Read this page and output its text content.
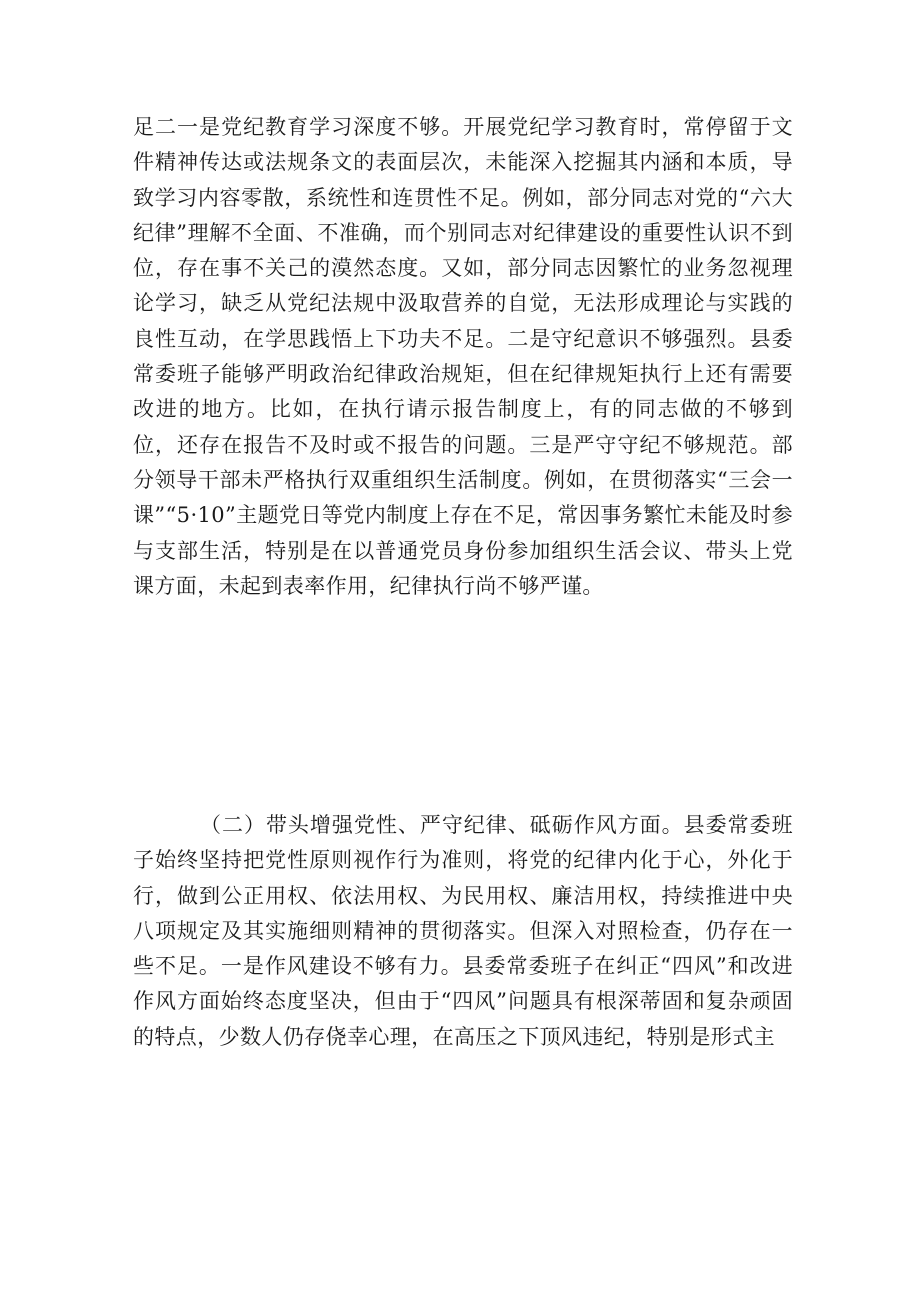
足二一是党纪教育学习深度不够。开展党纪学习教育时，常停留于文件精神传达或法规条文的表面层次，未能深入挖掘其内涵和本质，导致学习内容零散，系统性和连贯性不足。例如，部分同志对党的“六大纪律”理解不全面、不准确，而个别同志对纪律建设的重要性认识不到位，存在事不关己的漠然态度。又如，部分同志因繁忙的业务忽视理论学习，缺乏从党纪法规中汲取营养的自觉，无法形成理论与实践的良性互动，在学思践悟上下功夫不足。二是守纪意识不够强烈。县委常委班子能够严明政治纪律政治规矩，但在纪律规矩执行上还有需要改进的地方。比如，在执行请示报告制度上，有的同志做的不够到位，还存在报告不及时或不报告的问题。三是严守守纪不够规范。部分领导干部未严格执行双重组织生活制度。例如，在贯彻落实“三会一课”“5·10”主题党日等党内制度上存在不足，常因事务繁忙未能及时参与支部生活，特别是在以普通党员身份参加组织生活会议、带头上党课方面，未起到表率作用，纪律执行尚不够严谨。

（二）带头增强党性、严守纪律、砥砺作风方面。县委常委班子始终坚持把党性原则视作行为准则，将党的纪律内化于心，外化于行，做到公正用权、依法用权、为民用权、廉洁用权，持续推进中央八项规定及其实施细则精神的贯彻落实。但深入对照检查，仍存在一些不足。一是作风建设不够有力。县委常委班子在纠正“四风”和改进作风方面始终态度坚决，但由于“四风”问题具有根深蒂固和复杂顽固的特点，少数人仍存侥幸心理，在高压之下顶风违纪，特别是形式主
